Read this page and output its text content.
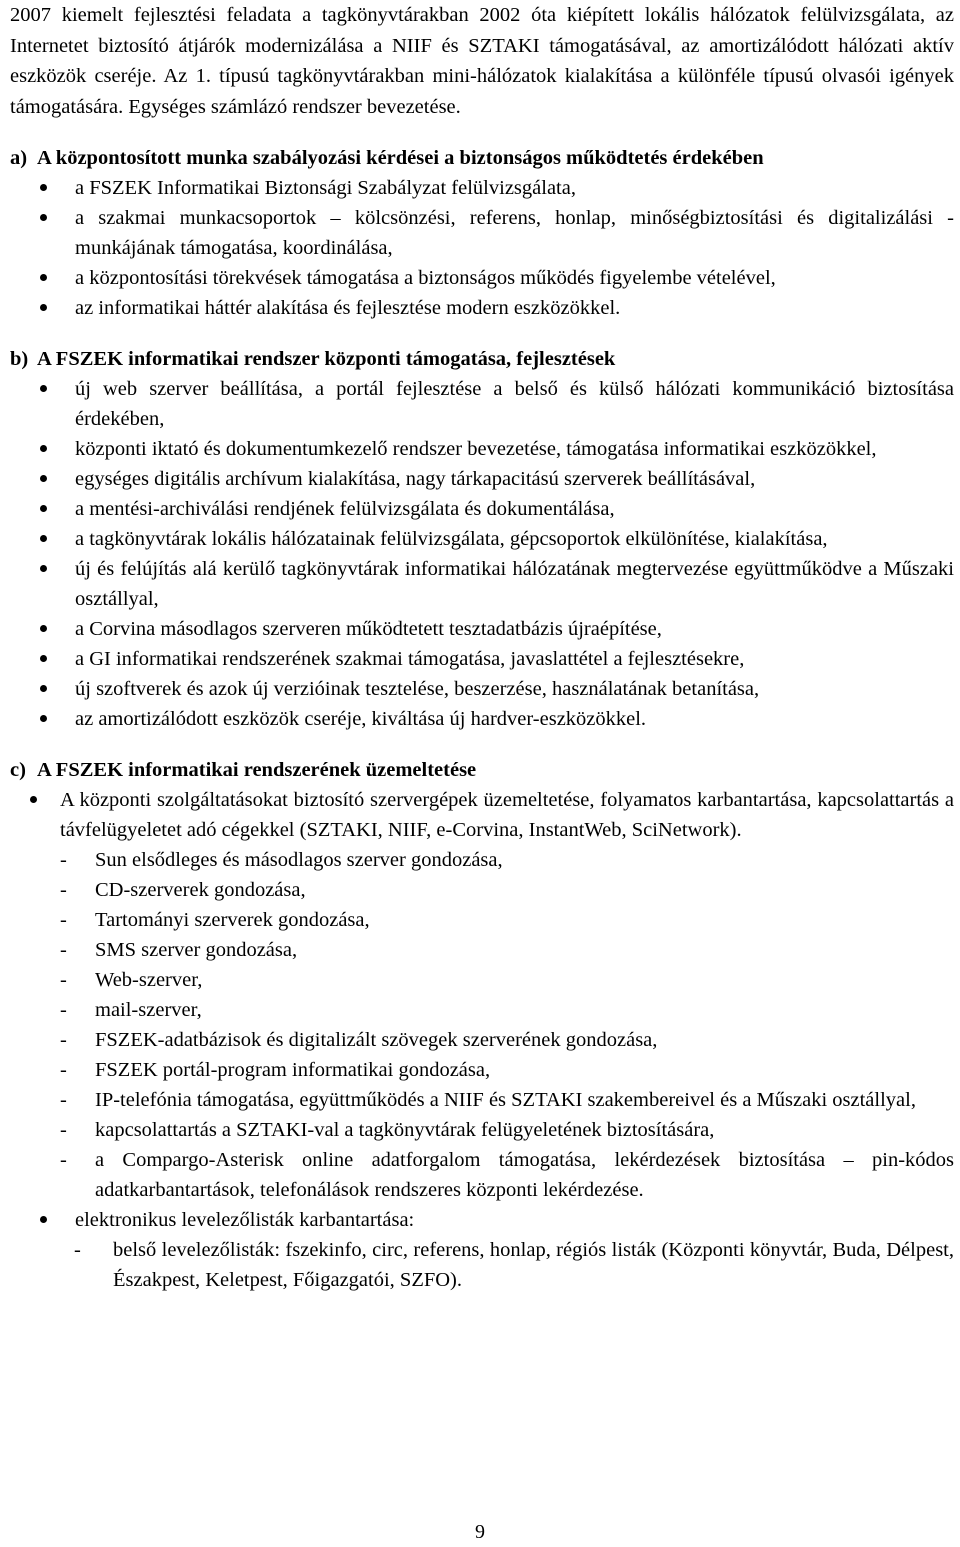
2007 kiemelt fejlesztési feladata a tagkönyvtárakban 2002 óta kiépített lokális hálózatok felülvizsgálata, az Internetet biztosító átjárók modernizálása a NIIF és SZTAKI támogatásával, az amortizálódott hálózati aktív eszközök cseréje. Az 1. típusú tagkönyvtárakban mini-hálózatok kialakítása a különféle típusú olvasói igények támogatására. Egységes számlázó rendszer bevezetése.

a) A központosított munka szabályozási kérdései a biztonságos működtetés érdekében
a FSZEK Informatikai Biztonsági Szabályzat felülvizsgálata,
a szakmai munkacsoportok – kölcsönzési, referens, honlap, minőségbiztosítási és digitalizálási - munkájának támogatása, koordinálása,
a központosítási törekvések támogatása a biztonságos működés figyelembe vételével,
az informatikai háttér alakítása és fejlesztése modern eszközökkel.
b) A FSZEK informatikai rendszer központi támogatása, fejlesztések
új web szerver beállítása, a portál fejlesztése a belső és külső hálózati kommunikáció biztosítása érdekében,
központi iktató és dokumentumkezelő rendszer bevezetése, támogatása informatikai eszközökkel,
egységes digitális archívum kialakítása, nagy tárkapacitású szerverek beállításával,
a mentési-archiválási rendjének felülvizsgálata és dokumentálása,
a tagkönyvtárak lokális hálózatainak felülvizsgálata, gépcsoportok elkülönítése, kialakítása,
új és felújítás alá kerülő tagkönyvtárak informatikai hálózatának megtervezése együttműködve a Műszaki osztállyal,
a Corvina másodlagos szerveren működtetett tesztadatbázis újraépítése,
a GI informatikai rendszerének szakmai támogatása, javaslattétel a fejlesztésekre,
új szoftverek és azok új verzióinak tesztelése, beszerzése, használatának betanítása,
az amortizálódott eszközök cseréje, kiváltása új hardver-eszközökkel.
c) A FSZEK informatikai rendszerének üzemeltetése
A központi szolgáltatásokat biztosító szervergépek üzemeltetése, folyamatos karbantartása, kapcsolattartás a távfelügyeletet adó cégekkel (SZTAKI, NIIF, e-Corvina, InstantWeb, SciNetwork).
-	Sun elsődleges és másodlagos szerver gondozása,
-	CD-szerverek gondozása,
-	Tartományi szerverek gondozása,
-	SMS szerver gondozása,
-	Web-szerver,
-	mail-szerver,
-	FSZEK-adatbázisok és digitalizált szövegek szerverének gondozása,
-	FSZEK portál-program informatikai gondozása,
-	IP-telefónia támogatása, együttműködés a NIIF és SZTAKI szakembereivel és a Műszaki osztállyal,
-	kapcsolattartás a SZTAKI-val a tagkönyvtárak felügyeletének biztosítására,
-	a Compargo-Asterisk online adatforgalom támogatása, lekérdezések biztosítása – pin-kódos adatkarbantartások, telefonálások rendszeres központi lekérdezése.
elektronikus levelezőlisták karbantartása:
-	belső levelezőlisták: fszekinfo, circ, referens, honlap, régiós listák (Központi könyvtár, Buda, Délpest, Északpest, Keletpest, Főigazgatói, SZFO).
9
